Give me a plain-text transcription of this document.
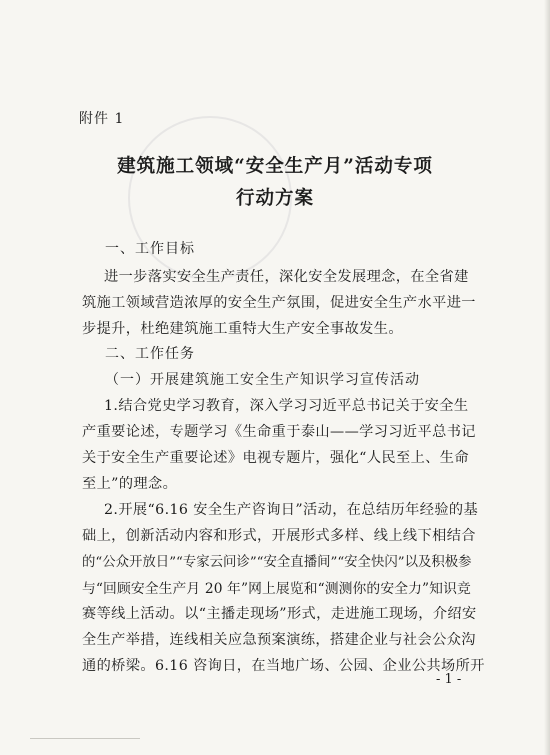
附件 1
建筑施工领域“安全生产月”活动专项
行动方案
一、工作目标
进一步落实安全生产责任，深化安全发展理念，在全省建
筑施工领域营造浓厚的安全生产氛围，促进安全生产水平进一
步提升，杜绝建筑施工重特大生产安全事故发生。
二、工作任务
（一）开展建筑施工安全生产知识学习宣传活动
1.结合党史学习教育，深入学习习近平总书记关于安全生
产重要论述，专题学习《生命重于泰山——学习习近平总书记
关于安全生产重要论述》电视专题片，强化“人民至上、生命
至上”的理念。
2.开展“6.16 安全生产咨询日”活动，在总结历年经验的基
础上，创新活动内容和形式，开展形式多样、线上线下相结合
的“公众开放日”“专家云问诊”“安全直播间”“安全快闪”以及积极参
与“回顾安全生产月 20 年”网上展览和“测测你的安全力”知识竞
赛等线上活动。以“主播走现场”形式，走进施工现场，介绍安
全生产举措，连线相关应急预案演练，搭建企业与社会公众沟
通的桥梁。6.16 咨询日，在当地广场、公园、企业公共场所开
- 1 -
